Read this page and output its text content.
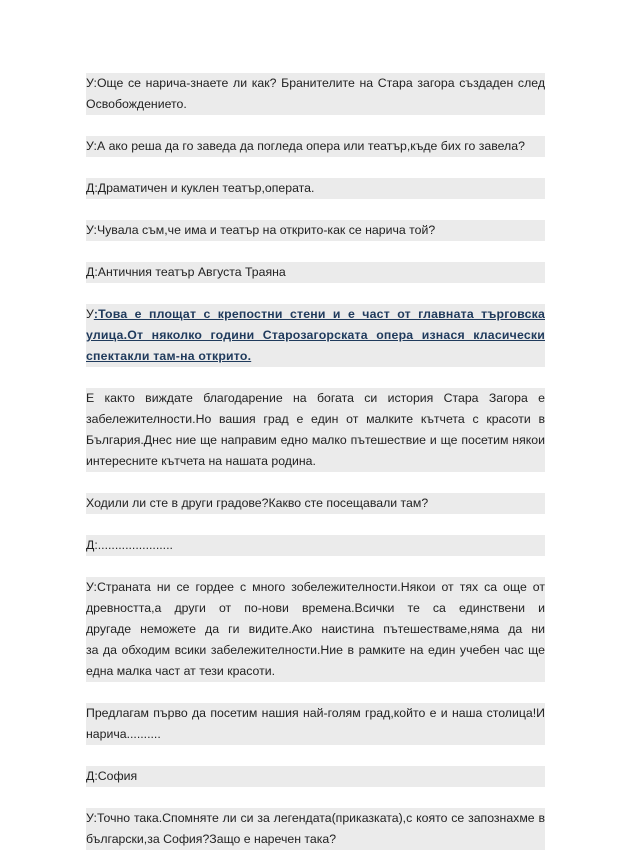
У:Още се нарича-знаете ли как? Бранителите на Стара загора създаден след
Освобождението.
У:А ако реша да го заведа да погледа опера или театър,къде бих го завела?
Д:Драматичен и куклен театър,операта.
У:Чувала съм,че има и театър на открито-как се нарича той?
Д:Античния театър Августа Траяна
У:Това е площат с крепостни стени и е част от главната търговска
улица.От няколко години Старозагорската опера изнася класически
спектакли там-на открито.
Е както виждате благодарение на богата си история Стара Загора е
забележителности.Но вашия град е един от малките кътчета с красоти в
България.Днес ние ще направим едно малко пътешествие и ще посетим някои
интересните кътчета на нашата родина.
Ходили ли сте в други градове?Какво сте посещавали там?
Д:......................
У:Страната ни се гордее с много зобележителности.Някои от тях са още от
древността,а други от по-нови времена.Всички те са единствени и
другаде неможете да ги видите.Ако наистина пътешестваме,няма да ни
за да обходим всики забележителности.Ние в рамките на един учебен час ще
една малка част ат тези красоти.
Предлагам първо да посетим нашия най-голям град,който е и наша столица!И
нарича..........
Д:София
У:Точно така.Спомняте ли си за легендата(приказката),с която се запознахме в
български,за София?Защо е наречен така?
